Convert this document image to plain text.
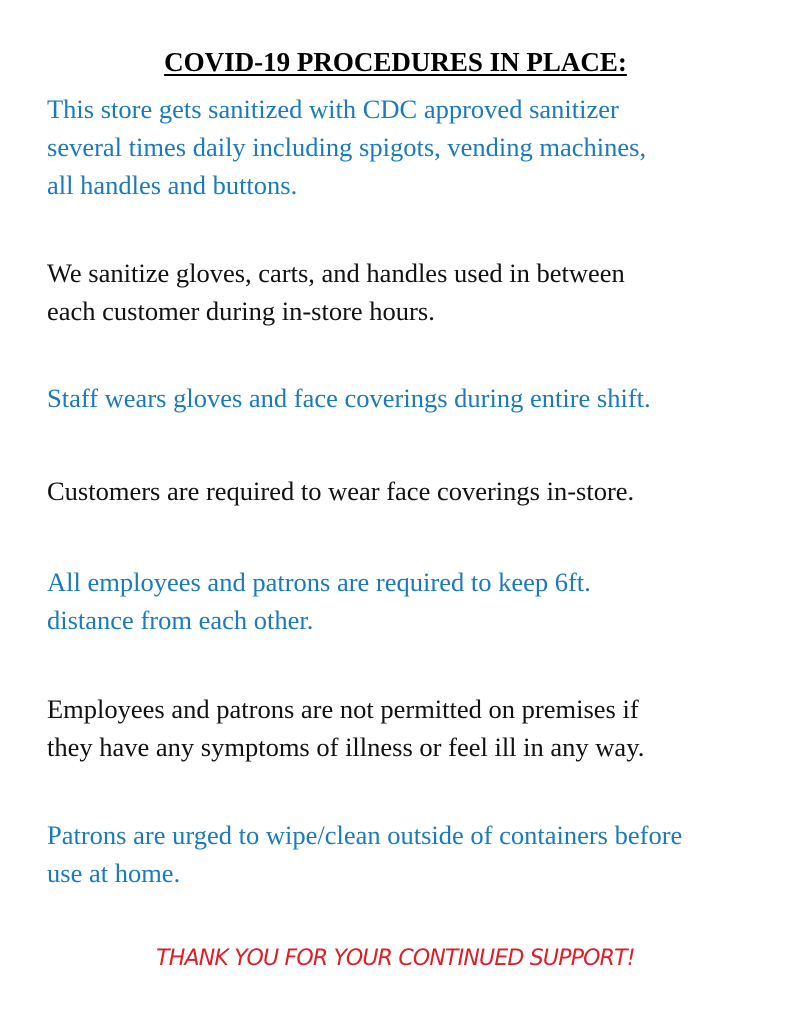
COVID-19 PROCEDURES IN PLACE:
This store gets sanitized with CDC approved sanitizer
several times daily including spigots, vending machines,
all handles and buttons.
We sanitize gloves, carts, and handles used in between
each customer during in-store hours.
Staff wears gloves and face coverings during entire shift.
Customers are required to wear face coverings in-store.
All employees and patrons are required to keep 6ft.
distance from each other.
Employees and patrons are not permitted on premises if
they have any symptoms of illness or feel ill in any way.
Patrons are urged to wipe/clean outside of containers before
use at home.

THANK YOU FOR YOUR CONTINUED SUPPORT!
